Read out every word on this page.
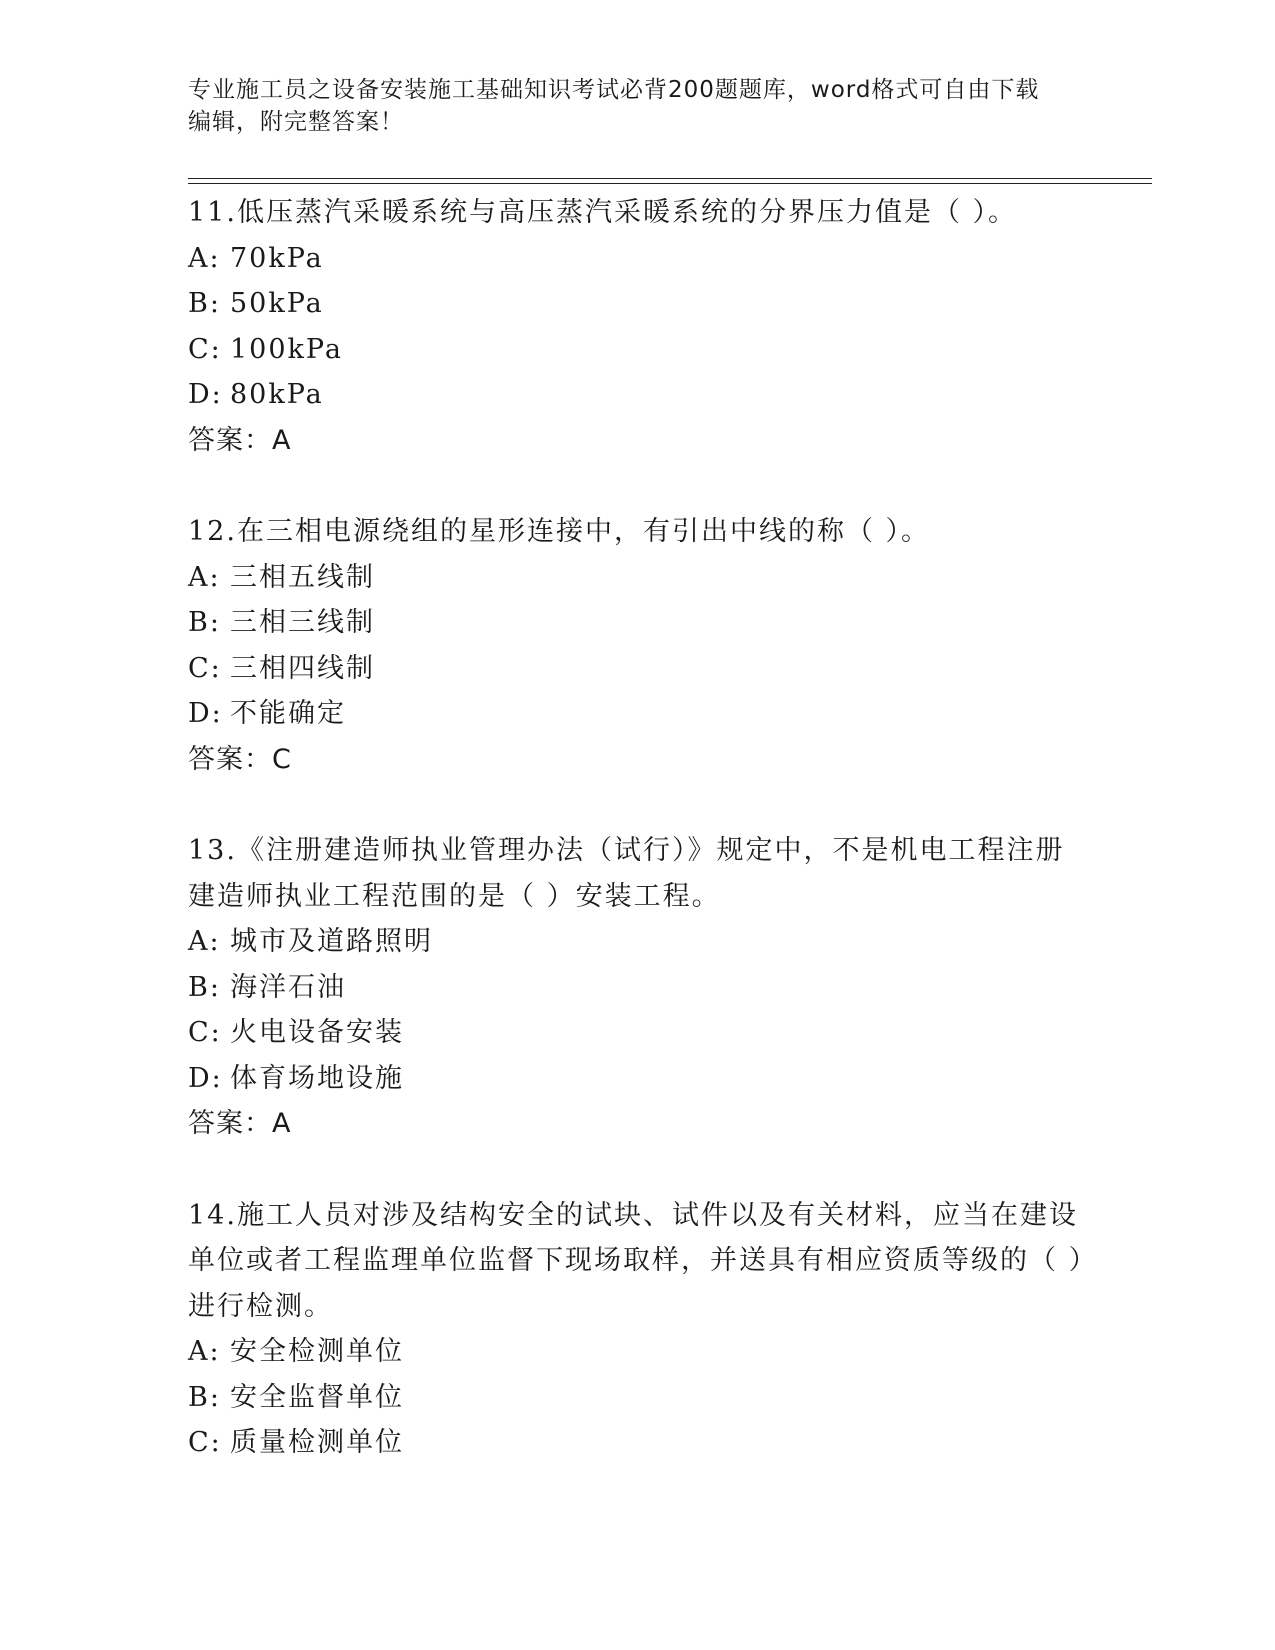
专业施工员之设备安装施工基础知识考试必背200题题库，word格式可自由下载
编辑，附完整答案！

11.低压蒸汽采暖系统与高压蒸汽采暖系统的分界压力值是（ ）。

A: 70kPa

B: 50kPa

C: 100kPa

D: 80kPa

答案：A

12.在三相电源绕组的星形连接中，有引出中线的称（ ）。

A: 三相五线制

B: 三相三线制

C: 三相四线制

D: 不能确定

答案：C

13.《注册建造师执业管理办法（试行）》规定中，不是机电工程注册建造师执业工程范围的是（ ）安装工程。

A: 城市及道路照明

B: 海洋石油

C: 火电设备安装

D: 体育场地设施

答案：A

14.施工人员对涉及结构安全的试块、试件以及有关材料，应当在建设单位或者工程监理单位监督下现场取样，并送具有相应资质等级的（ ）进行检测。

A: 安全检测单位

B: 安全监督单位

C: 质量检测单位
